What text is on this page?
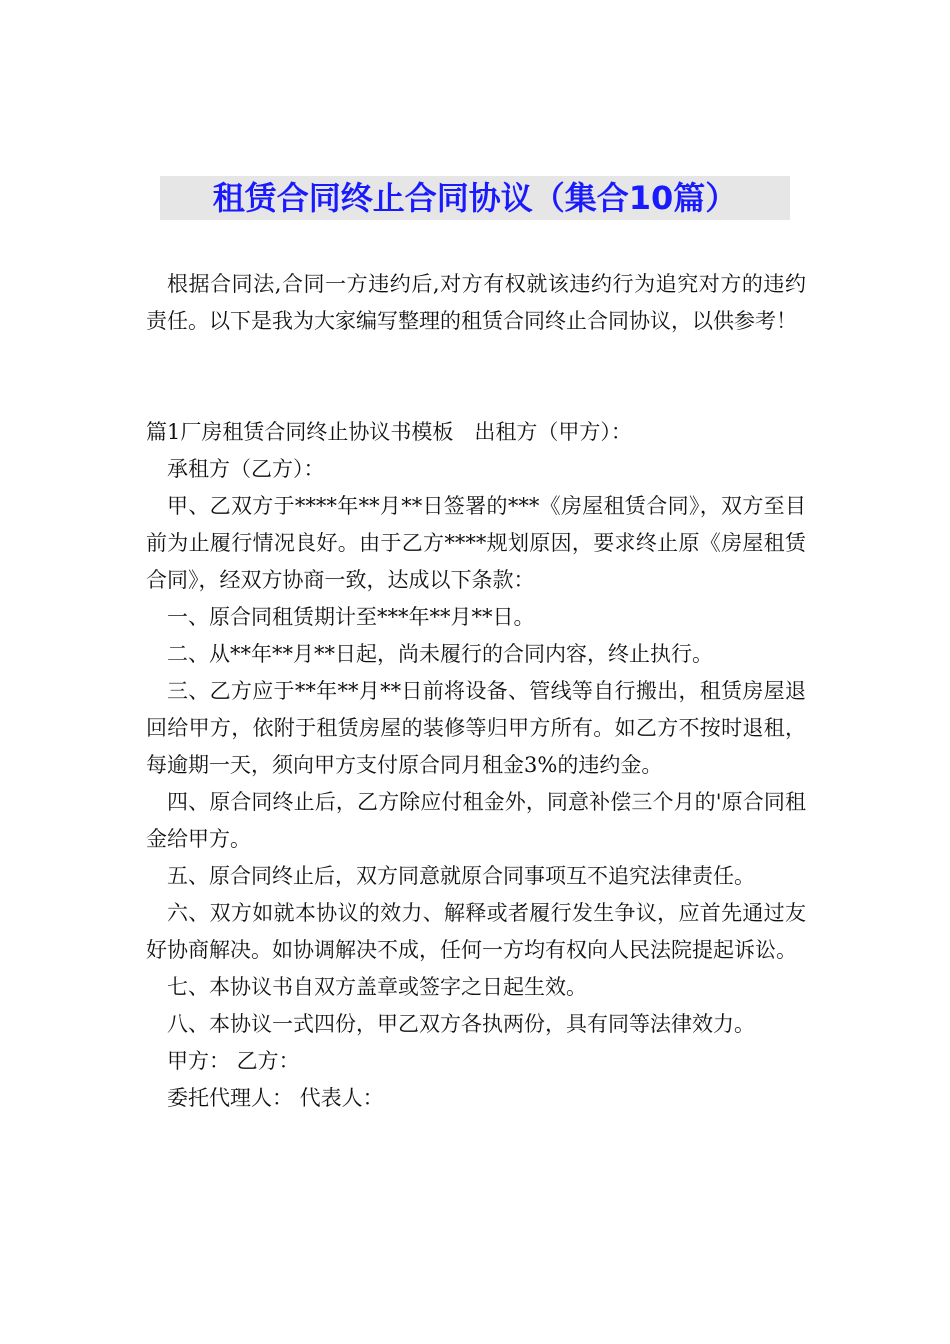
租赁合同终止合同协议（集合10篇）

根据合同法,合同一方违约后,对方有权就该违约行为追究对方的违约责任。以下是我为大家编写整理的租赁合同终止合同协议，以供参考！

篇1厂房租赁合同终止协议书模板　出租方（甲方）：

承租方（乙方）：

甲、乙双方于****年**月**日签署的***《房屋租赁合同》，双方至目前为止履行情况良好。由于乙方****规划原因，要求终止原《房屋租赁合同》，经双方协商一致，达成以下条款：

一、原合同租赁期计至***年**月**日。

二、从**年**月**日起，尚未履行的合同内容，终止执行。

三、乙方应于**年**月**日前将设备、管线等自行搬出，租赁房屋退回给甲方，依附于租赁房屋的装修等归甲方所有。如乙方不按时退租，每逾期一天，须向甲方支付原合同月租金3%的违约金。

四、原合同终止后，乙方除应付租金外，同意补偿三个月的'原合同租金给甲方。

五、原合同终止后，双方同意就原合同事项互不追究法律责任。

六、双方如就本协议的效力、解释或者履行发生争议，应首先通过友好协商解决。如协调解决不成，任何一方均有权向人民法院提起诉讼。

七、本协议书自双方盖章或签字之日起生效。

八、本协议一式四份，甲乙双方各执两份，具有同等法律效力。

甲方： 乙方：

委托代理人： 代表人：
